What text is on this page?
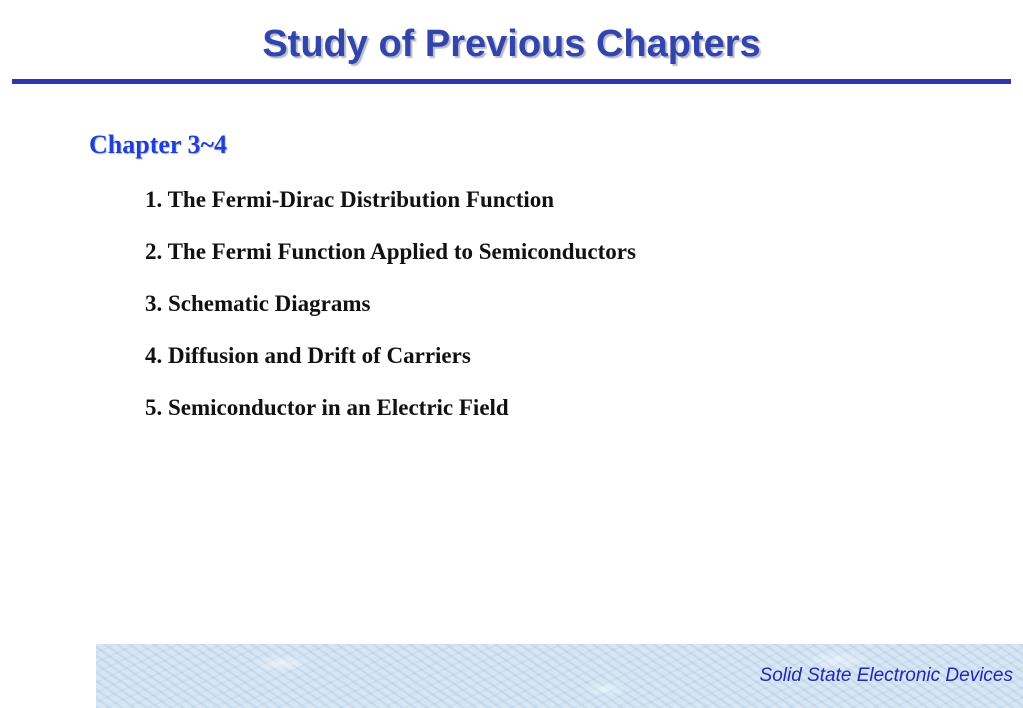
Study of Previous Chapters
Chapter 3~4
1. The Fermi-Dirac Distribution Function
2. The Fermi Function Applied to Semiconductors
3. Schematic Diagrams
4. Diffusion and Drift of Carriers
5. Semiconductor in an Electric Field

Solid State Electronic Devices
